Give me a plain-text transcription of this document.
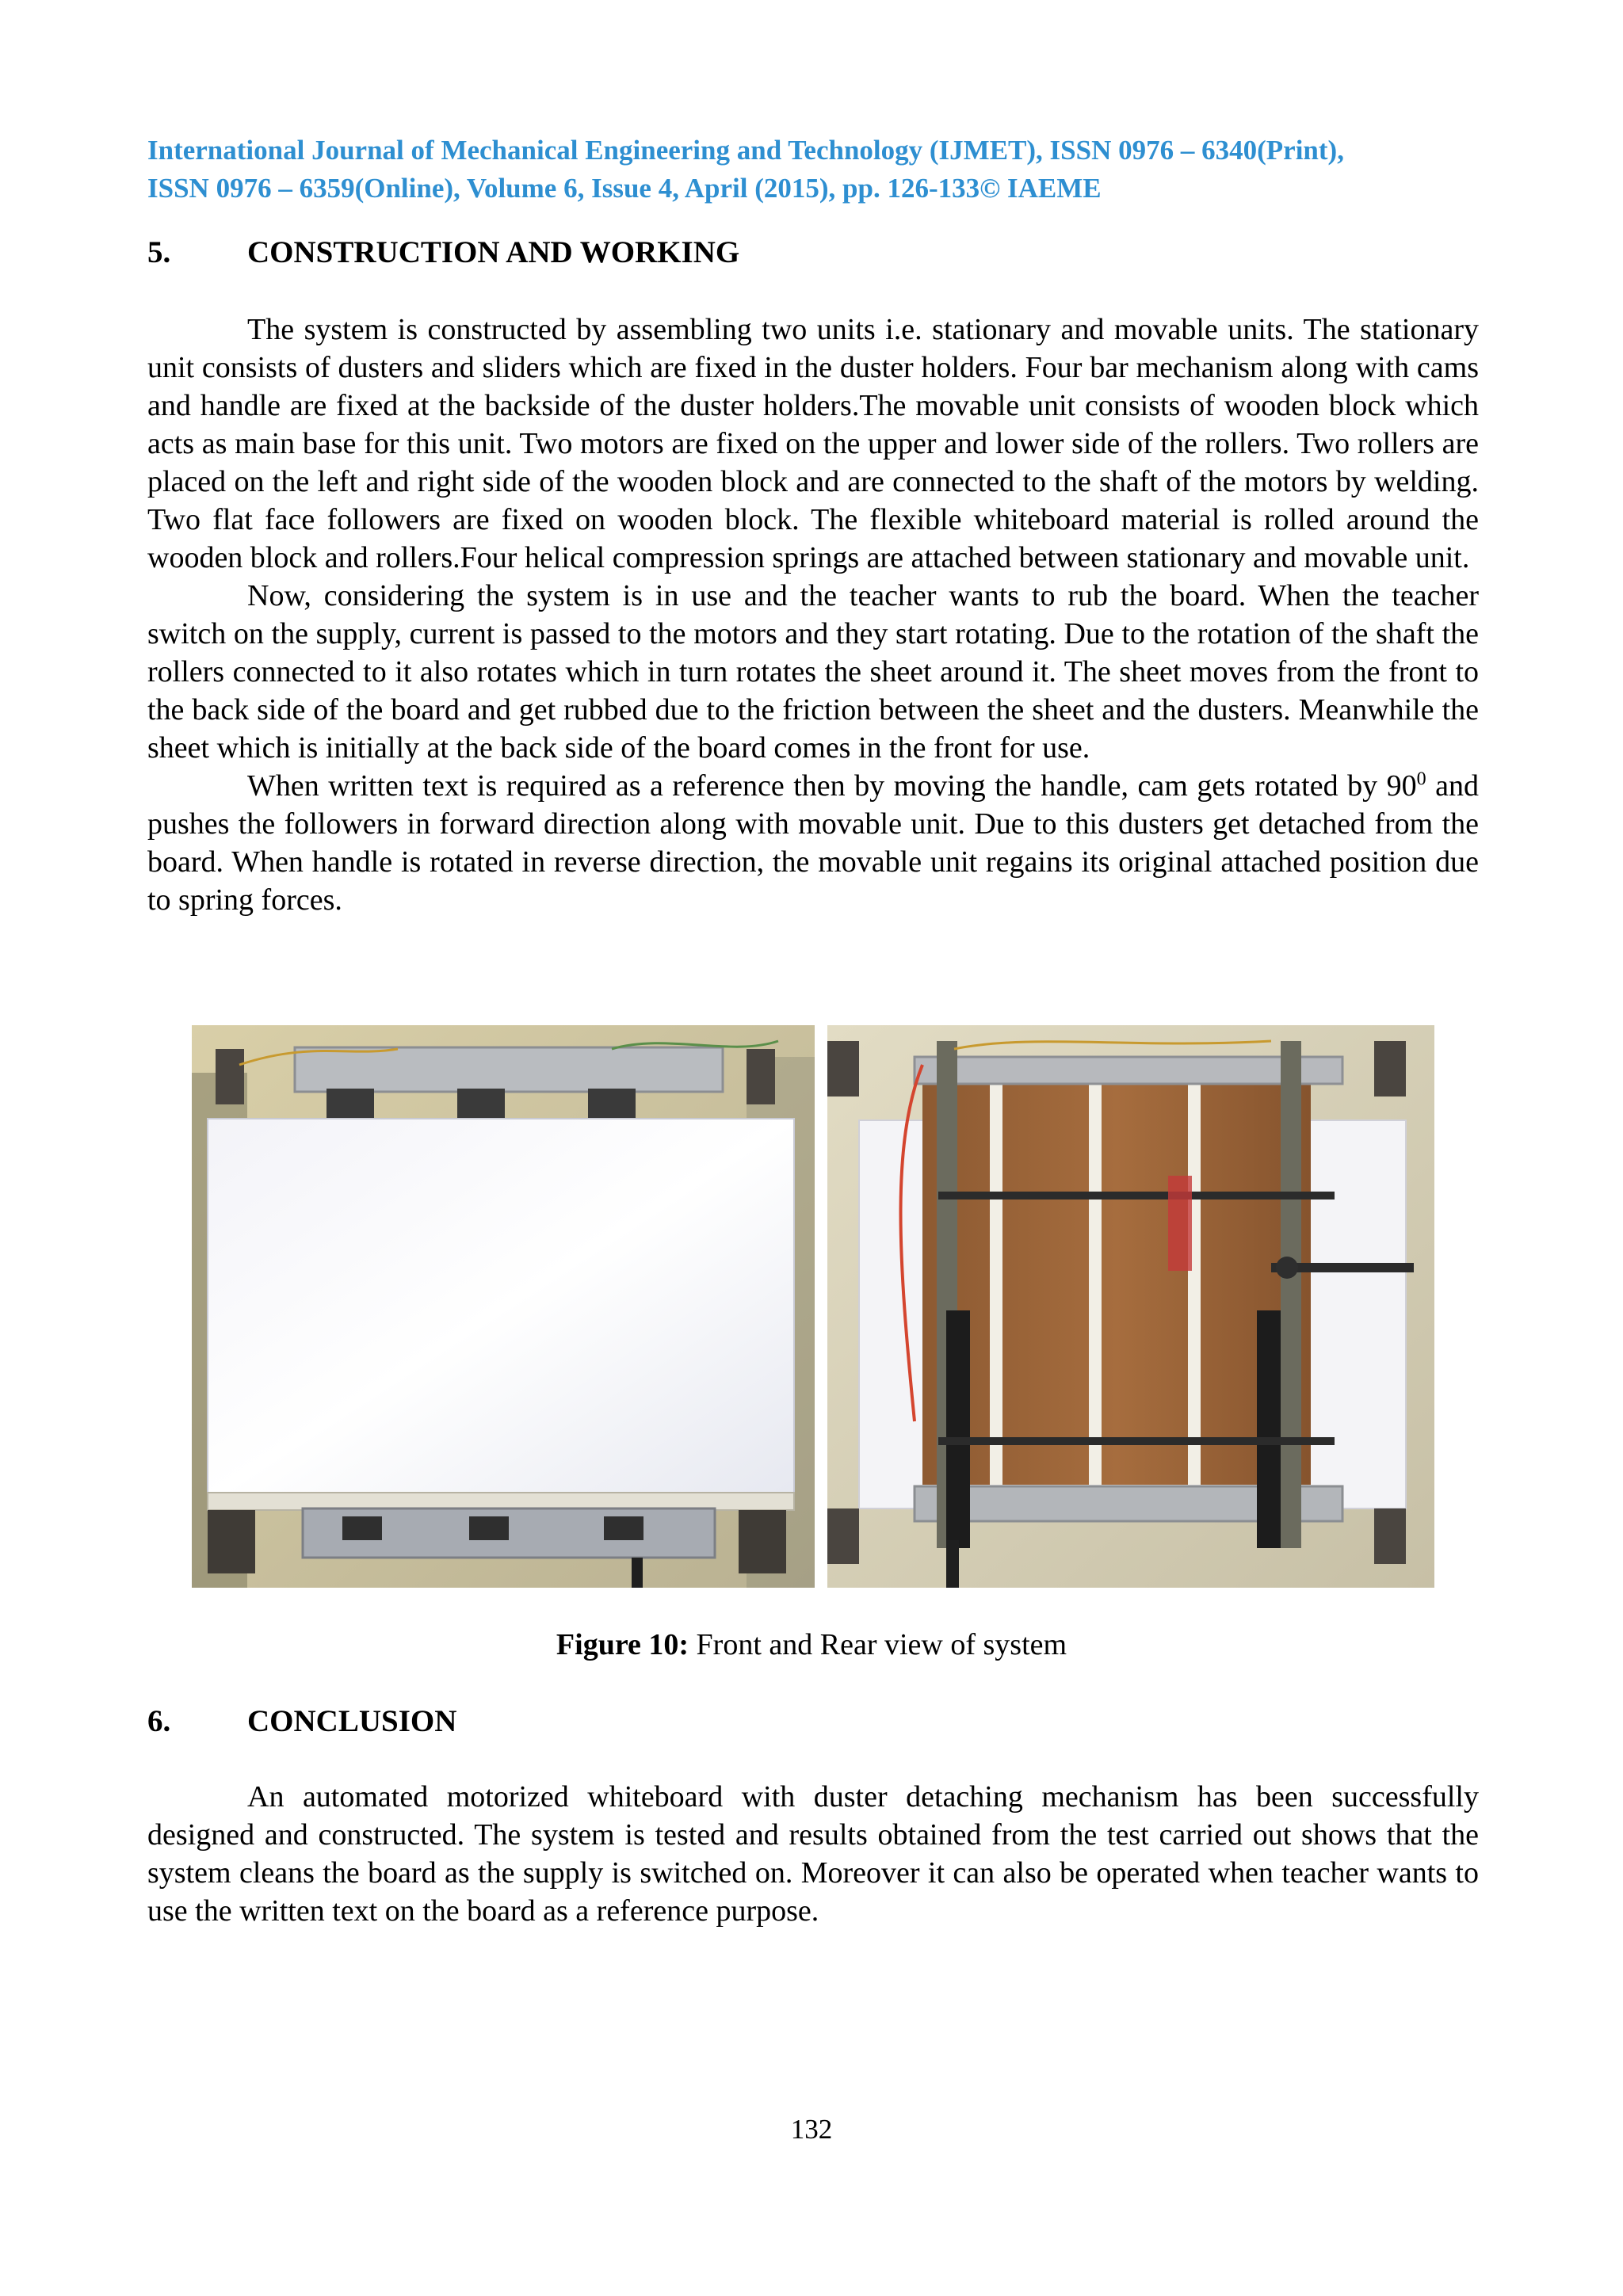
International Journal of Mechanical Engineering and Technology (IJMET), ISSN 0976 – 6340(Print),
ISSN 0976 – 6359(Online), Volume 6, Issue 4, April (2015), pp. 126-133© IAEME
5. CONSTRUCTION AND WORKING

The system is constructed by assembling two units i.e. stationary and movable units. The stationary unit consists of dusters and sliders which are fixed in the duster holders. Four bar mechanism along with cams and handle are fixed at the backside of the duster holders.The movable unit consists of wooden block which acts as main base for this unit. Two motors are fixed on the upper and lower side of the rollers. Two rollers are placed on the left and right side of the wooden block and are connected to the shaft of the motors by welding. Two flat face followers are fixed on wooden block. The flexible whiteboard material is rolled around the wooden block and rollers.Four helical compression springs are attached between stationary and movable unit.

Now, considering the system is in use and the teacher wants to rub the board. When the teacher switch on the supply, current is passed to the motors and they start rotating. Due to the rotation of the shaft the rollers connected to it also rotates which in turn rotates the sheet around it. The sheet moves from the front to the back side of the board and get rubbed due to the friction between the sheet and the dusters. Meanwhile the sheet which is initially at the back side of the board comes in the front for use.

When written text is required as a reference then by moving the handle, cam gets rotated by $90^0$ and pushes the followers in forward direction along with movable unit. Due to this dusters get detached from the board. When handle is rotated in reverse direction, the movable unit regains its original attached position due to spring forces.

Figure 10: Front and Rear view of system
6. CONCLUSION

An automated motorized whiteboard with duster detaching mechanism has been successfully designed and constructed. The system is tested and results obtained from the test carried out shows that the system cleans the board as the supply is switched on. Moreover it can also be operated when teacher wants to use the written text on the board as a reference purpose.

132
